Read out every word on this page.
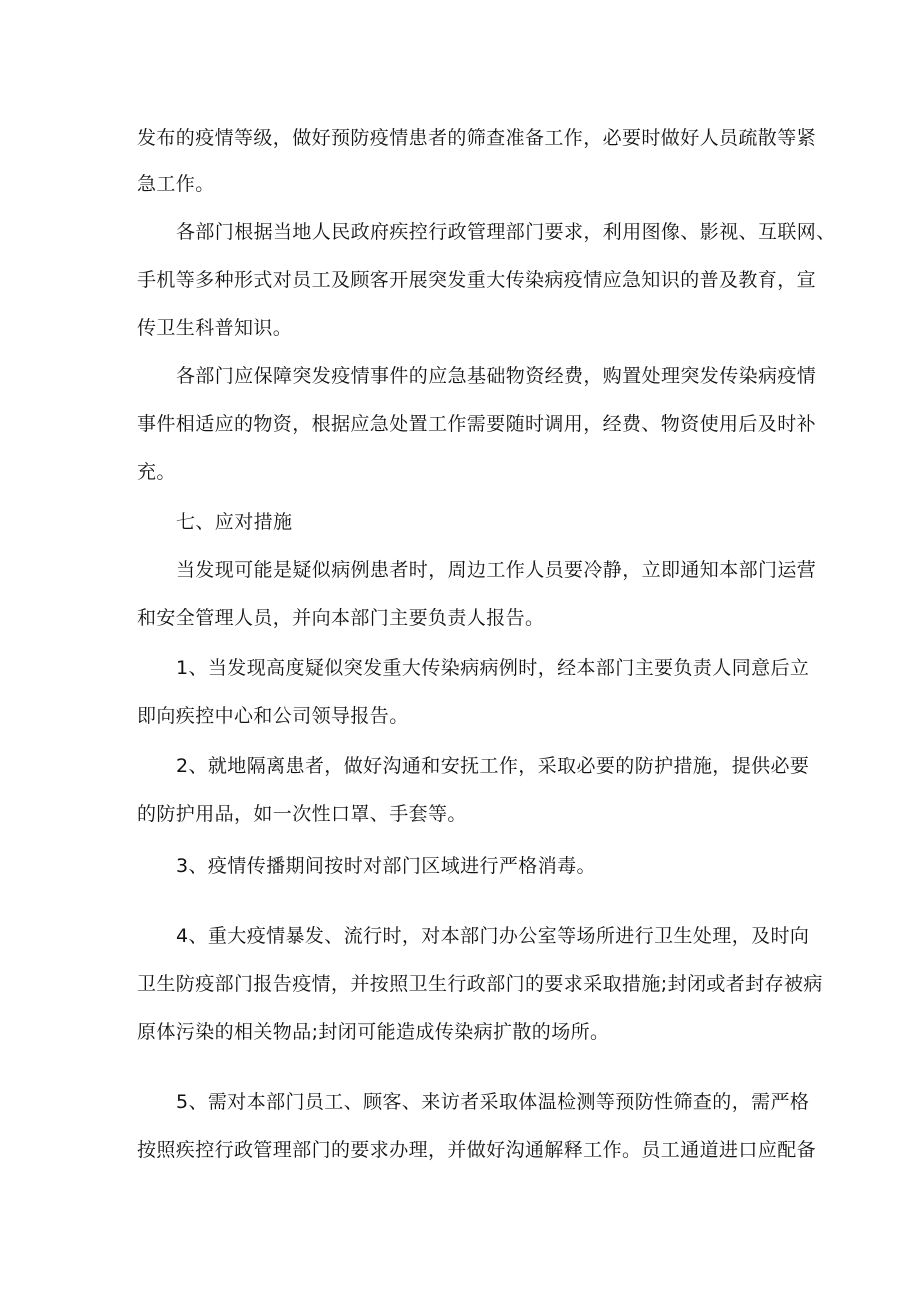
发布的疫情等级，做好预防疫情患者的筛查准备工作，必要时做好人员疏散等紧
急工作。
各部门根据当地人民政府疾控行政管理部门要求，利用图像、影视、互联网、
手机等多种形式对员工及顾客开展突发重大传染病疫情应急知识的普及教育，宣
传卫生科普知识。
各部门应保障突发疫情事件的应急基础物资经费，购置处理突发传染病疫情
事件相适应的物资，根据应急处置工作需要随时调用，经费、物资使用后及时补
充。
七、应对措施
当发现可能是疑似病例患者时，周边工作人员要冷静，立即通知本部门运营
和安全管理人员，并向本部门主要负责人报告。
1、当发现高度疑似突发重大传染病病例时，经本部门主要负责人同意后立
即向疾控中心和公司领导报告。
2、就地隔离患者，做好沟通和安抚工作，采取必要的防护措施，提供必要
的防护用品，如一次性口罩、手套等。
3、疫情传播期间按时对部门区域进行严格消毒。
4、重大疫情暴发、流行时，对本部门办公室等场所进行卫生处理，及时向
卫生防疫部门报告疫情，并按照卫生行政部门的要求采取措施;封闭或者封存被病
原体污染的相关物品;封闭可能造成传染病扩散的场所。
5、需对本部门员工、顾客、来访者采取体温检测等预防性筛查的，需严格
按照疾控行政管理部门的要求办理，并做好沟通解释工作。员工通道进口应配备
